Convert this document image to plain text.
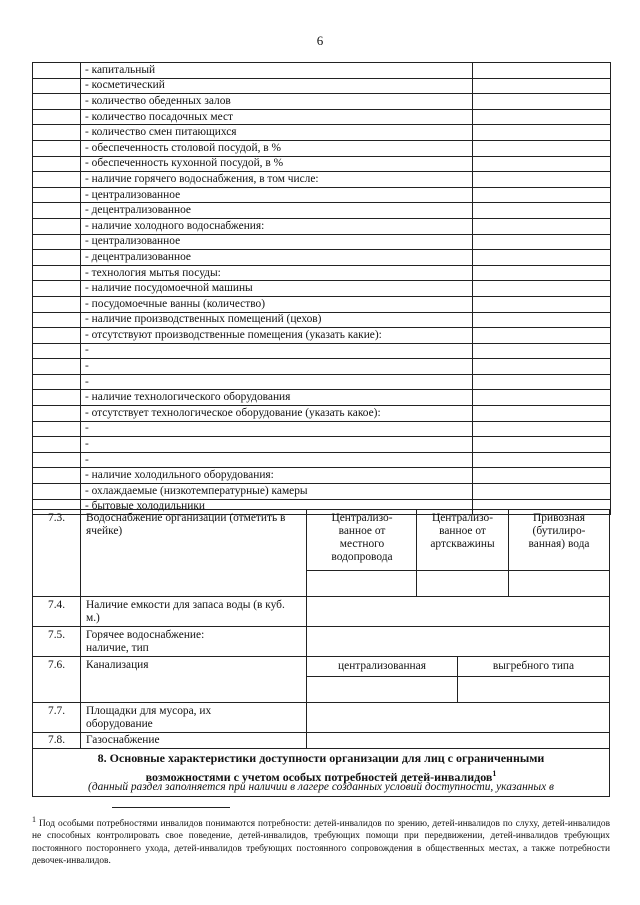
6
	- капитальный	
	- косметический	
	- количество обеденных залов	
	- количество посадочных мест	
	- количество смен питающихся	
	- обеспеченность столовой посудой, в %	
	- обеспеченность кухонной посудой, в %	
	- наличие горячего водоснабжения, в том числе:	
	- централизованное	
	- децентрализованное	
	- наличие холодного водоснабжения:	
	- централизованное	
	- децентрализованное	
	- технология мытья посуды:	
	- наличие посудомоечной машины	
	- посудомоечные ванны (количество)	
	- наличие производственных помещений (цехов)	
	- отсутствуют производственные помещения (указать какие):	
	-	
	-	
	-	
	- наличие технологического оборудования	
	- отсутствует технологическое оборудование (указать какое):	
	-	
	-	
	-	
	- наличие холодильного оборудования:	
	- охлаждаемые (низкотемпературные) камеры	
	- бытовые холодильники	
7.3. Водоснабжение организации (отметить в ячейке)
Централизо-ванное от местного водопровода
Централизо-ванное от артскважины
Привозная (бутилиро-ванная) вода
7.4. Наличие емкости для запаса воды (в куб. м.)
7.5. Горячее водоснабжение: наличие, тип
7.6. Канализация	централизованная	выгребного типа
7.7. Площадки для мусора, их оборудование
7.8. Газоснабжение
8. Основные характеристики доступности организации для лиц с ограниченными
возможностями с учетом особых потребностей детей-инвалидов$^1$
(данный раздел заполняется при наличии в лагере созданных условий доступности, указанных в
$^1$ Под особыми потребностями инвалидов понимаются потребности: детей-инвалидов по зрению, детей-инвалидов по слуху, детей-инвалидов не способных контролировать свое поведение, детей-инвалидов, требующих помощи при передвижении, детей-инвалидов требующих постоянного постороннего ухода, детей-инвалидов требующих постоянного сопровождения в общественных местах, а также потребности девочек-инвалидов.
